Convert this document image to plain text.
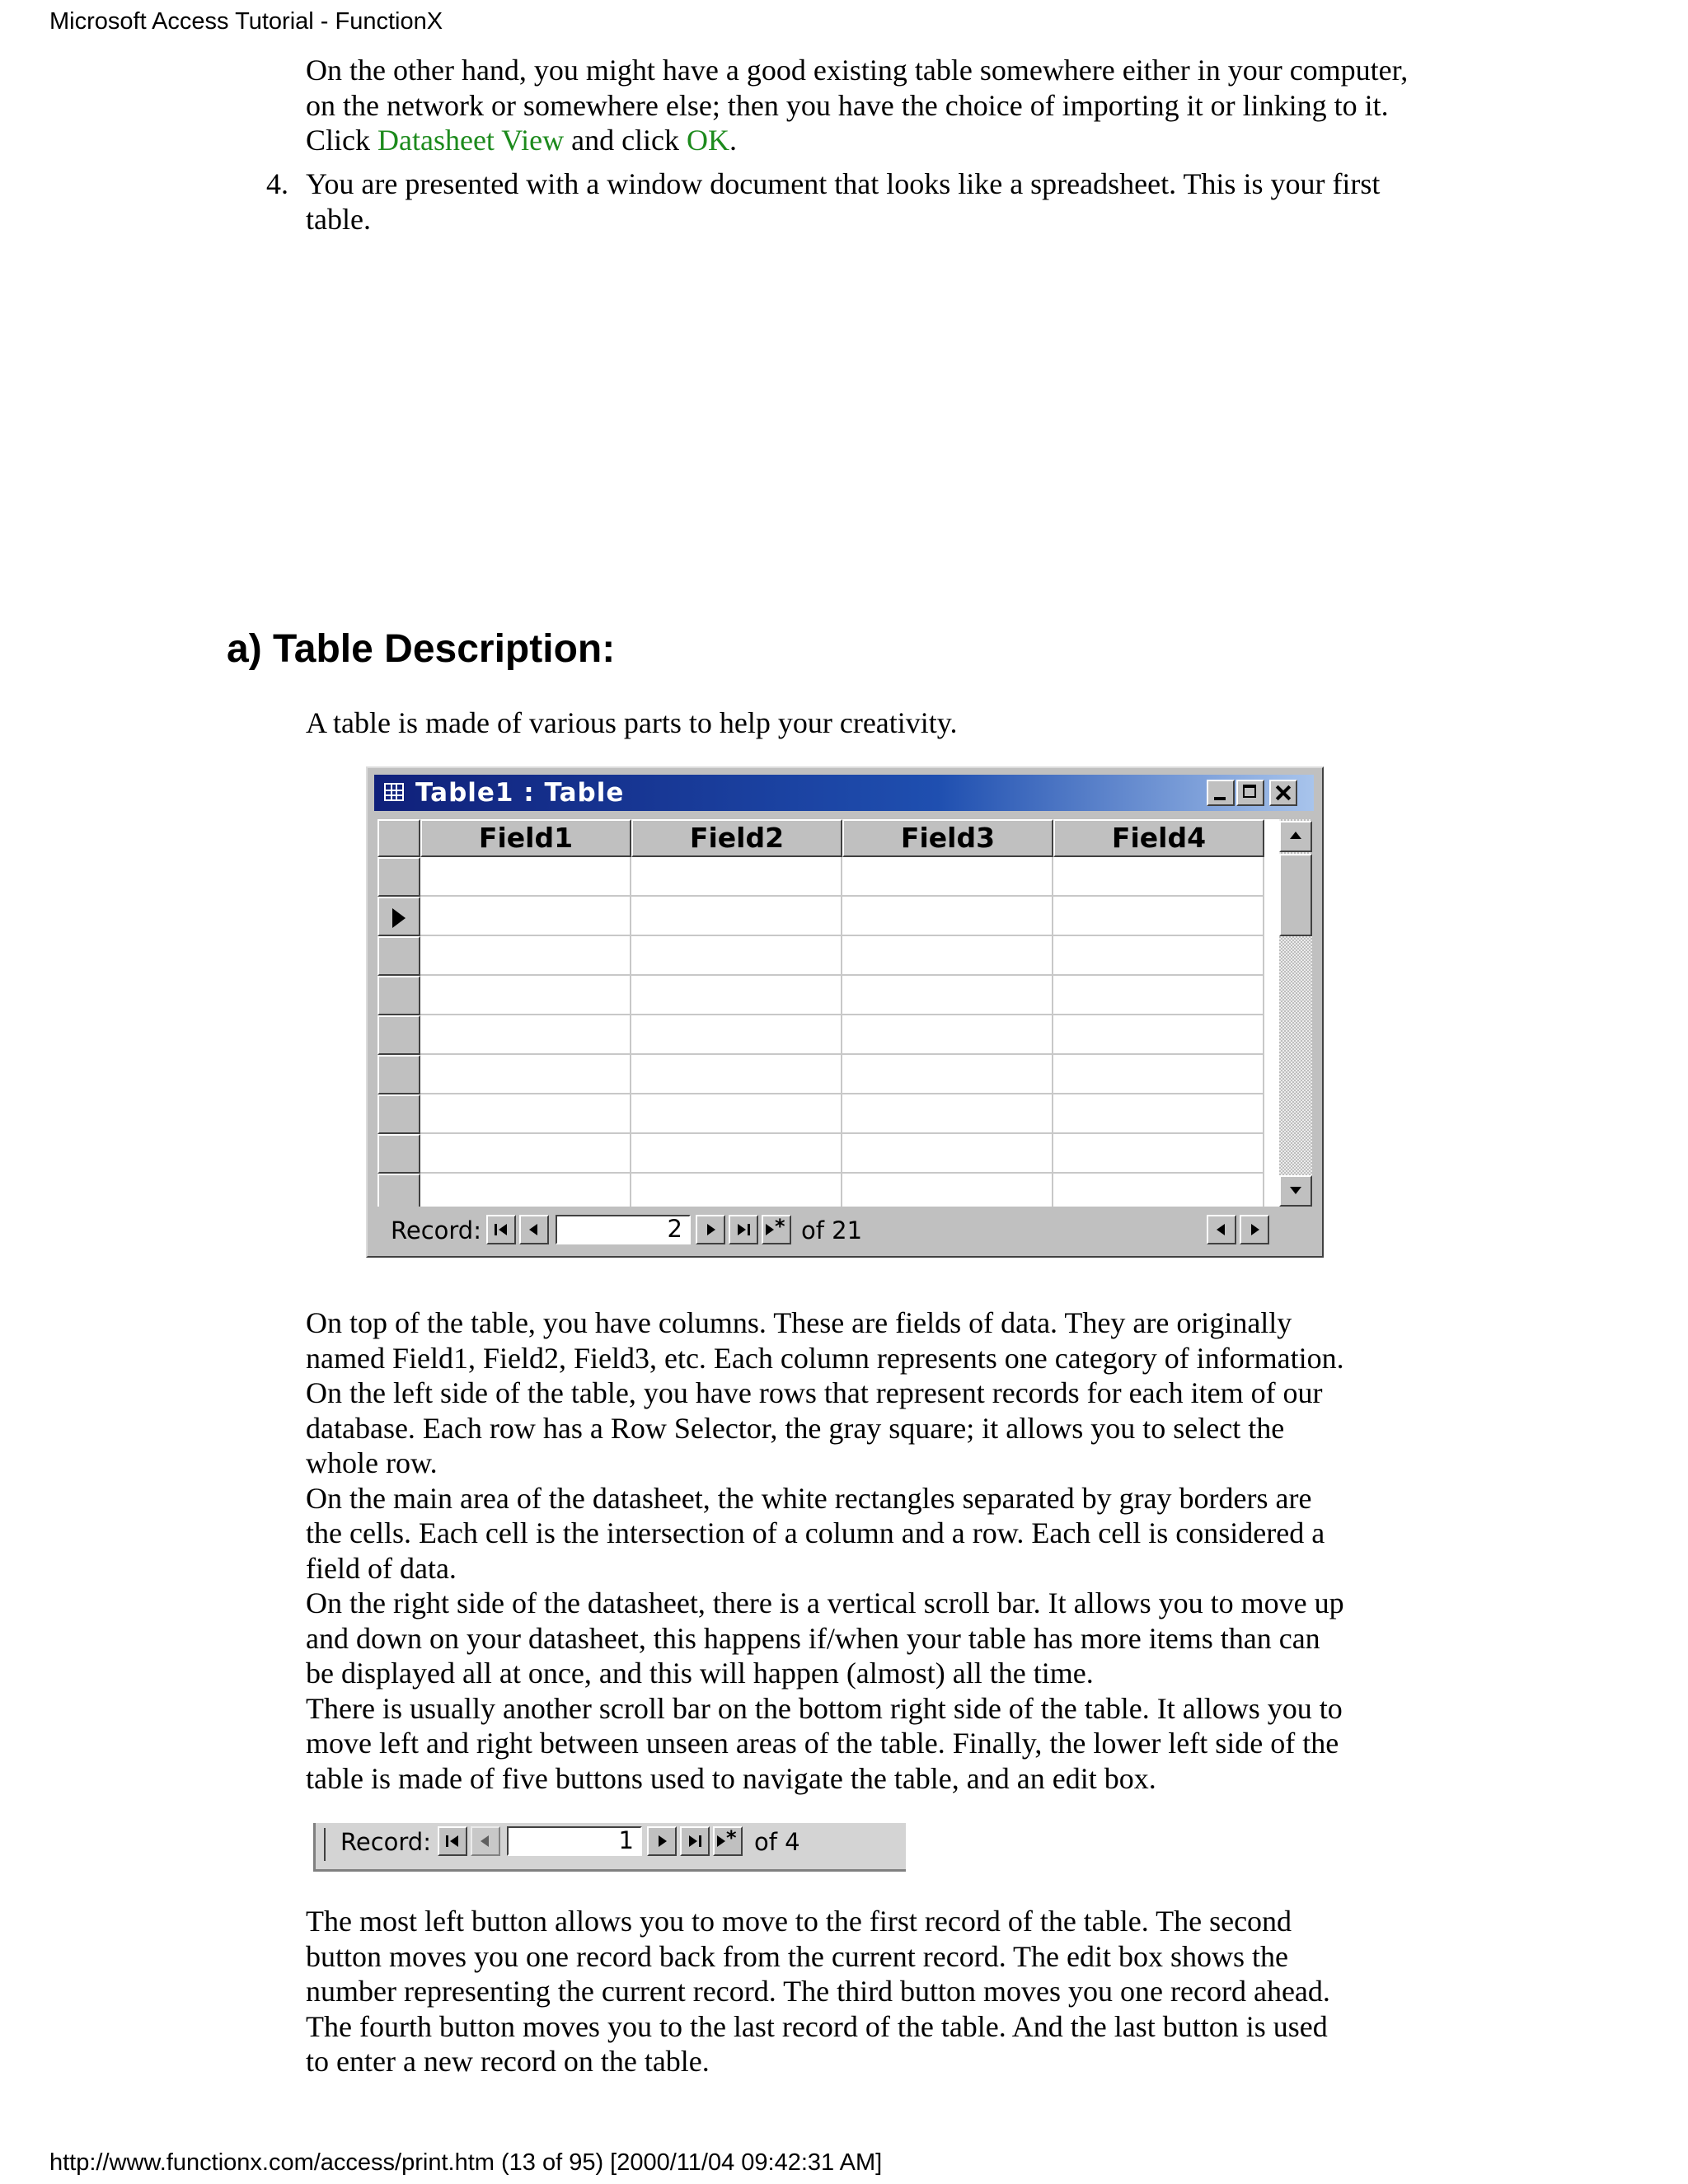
Microsoft Access Tutorial - FunctionX

On the other hand, you might have a good existing table somewhere either in your computer,
on the network or somewhere else; then you have the choice of importing it or linking to it.
Click Datasheet View and click OK.

4. You are presented with a window document that looks like a spreadsheet. This is your first
table.

a) Table Description:

A table is made of various parts to help your creativity.

Table1 : Table
Field1	Field2	Field3	Field4
Record:	2	* of 21

On top of the table, you have columns. These are fields of data. They are originally
named Field1, Field2, Field3, etc. Each column represents one category of information.
On the left side of the table, you have rows that represent records for each item of our
database. Each row has a Row Selector, the gray square; it allows you to select the
whole row.
On the main area of the datasheet, the white rectangles separated by gray borders are
the cells. Each cell is the intersection of a column and a row. Each cell is considered a
field of data.
On the right side of the datasheet, there is a vertical scroll bar. It allows you to move up
and down on your datasheet, this happens if/when your table has more items than can
be displayed all at once, and this will happen (almost) all the time.
There is usually another scroll bar on the bottom right side of the table. It allows you to
move left and right between unseen areas of the table. Finally, the lower left side of the
table is made of five buttons used to navigate the table, and an edit box.

Record:	1	* of 4

The most left button allows you to move to the first record of the table. The second
button moves you one record back from the current record. The edit box shows the
number representing the current record. The third button moves you one record ahead.
The fourth button moves you to the last record of the table. And the last button is used
to enter a new record on the table.

http://www.functionx.com/access/print.htm (13 of 95) [2000/11/04 09:42:31 AM]
